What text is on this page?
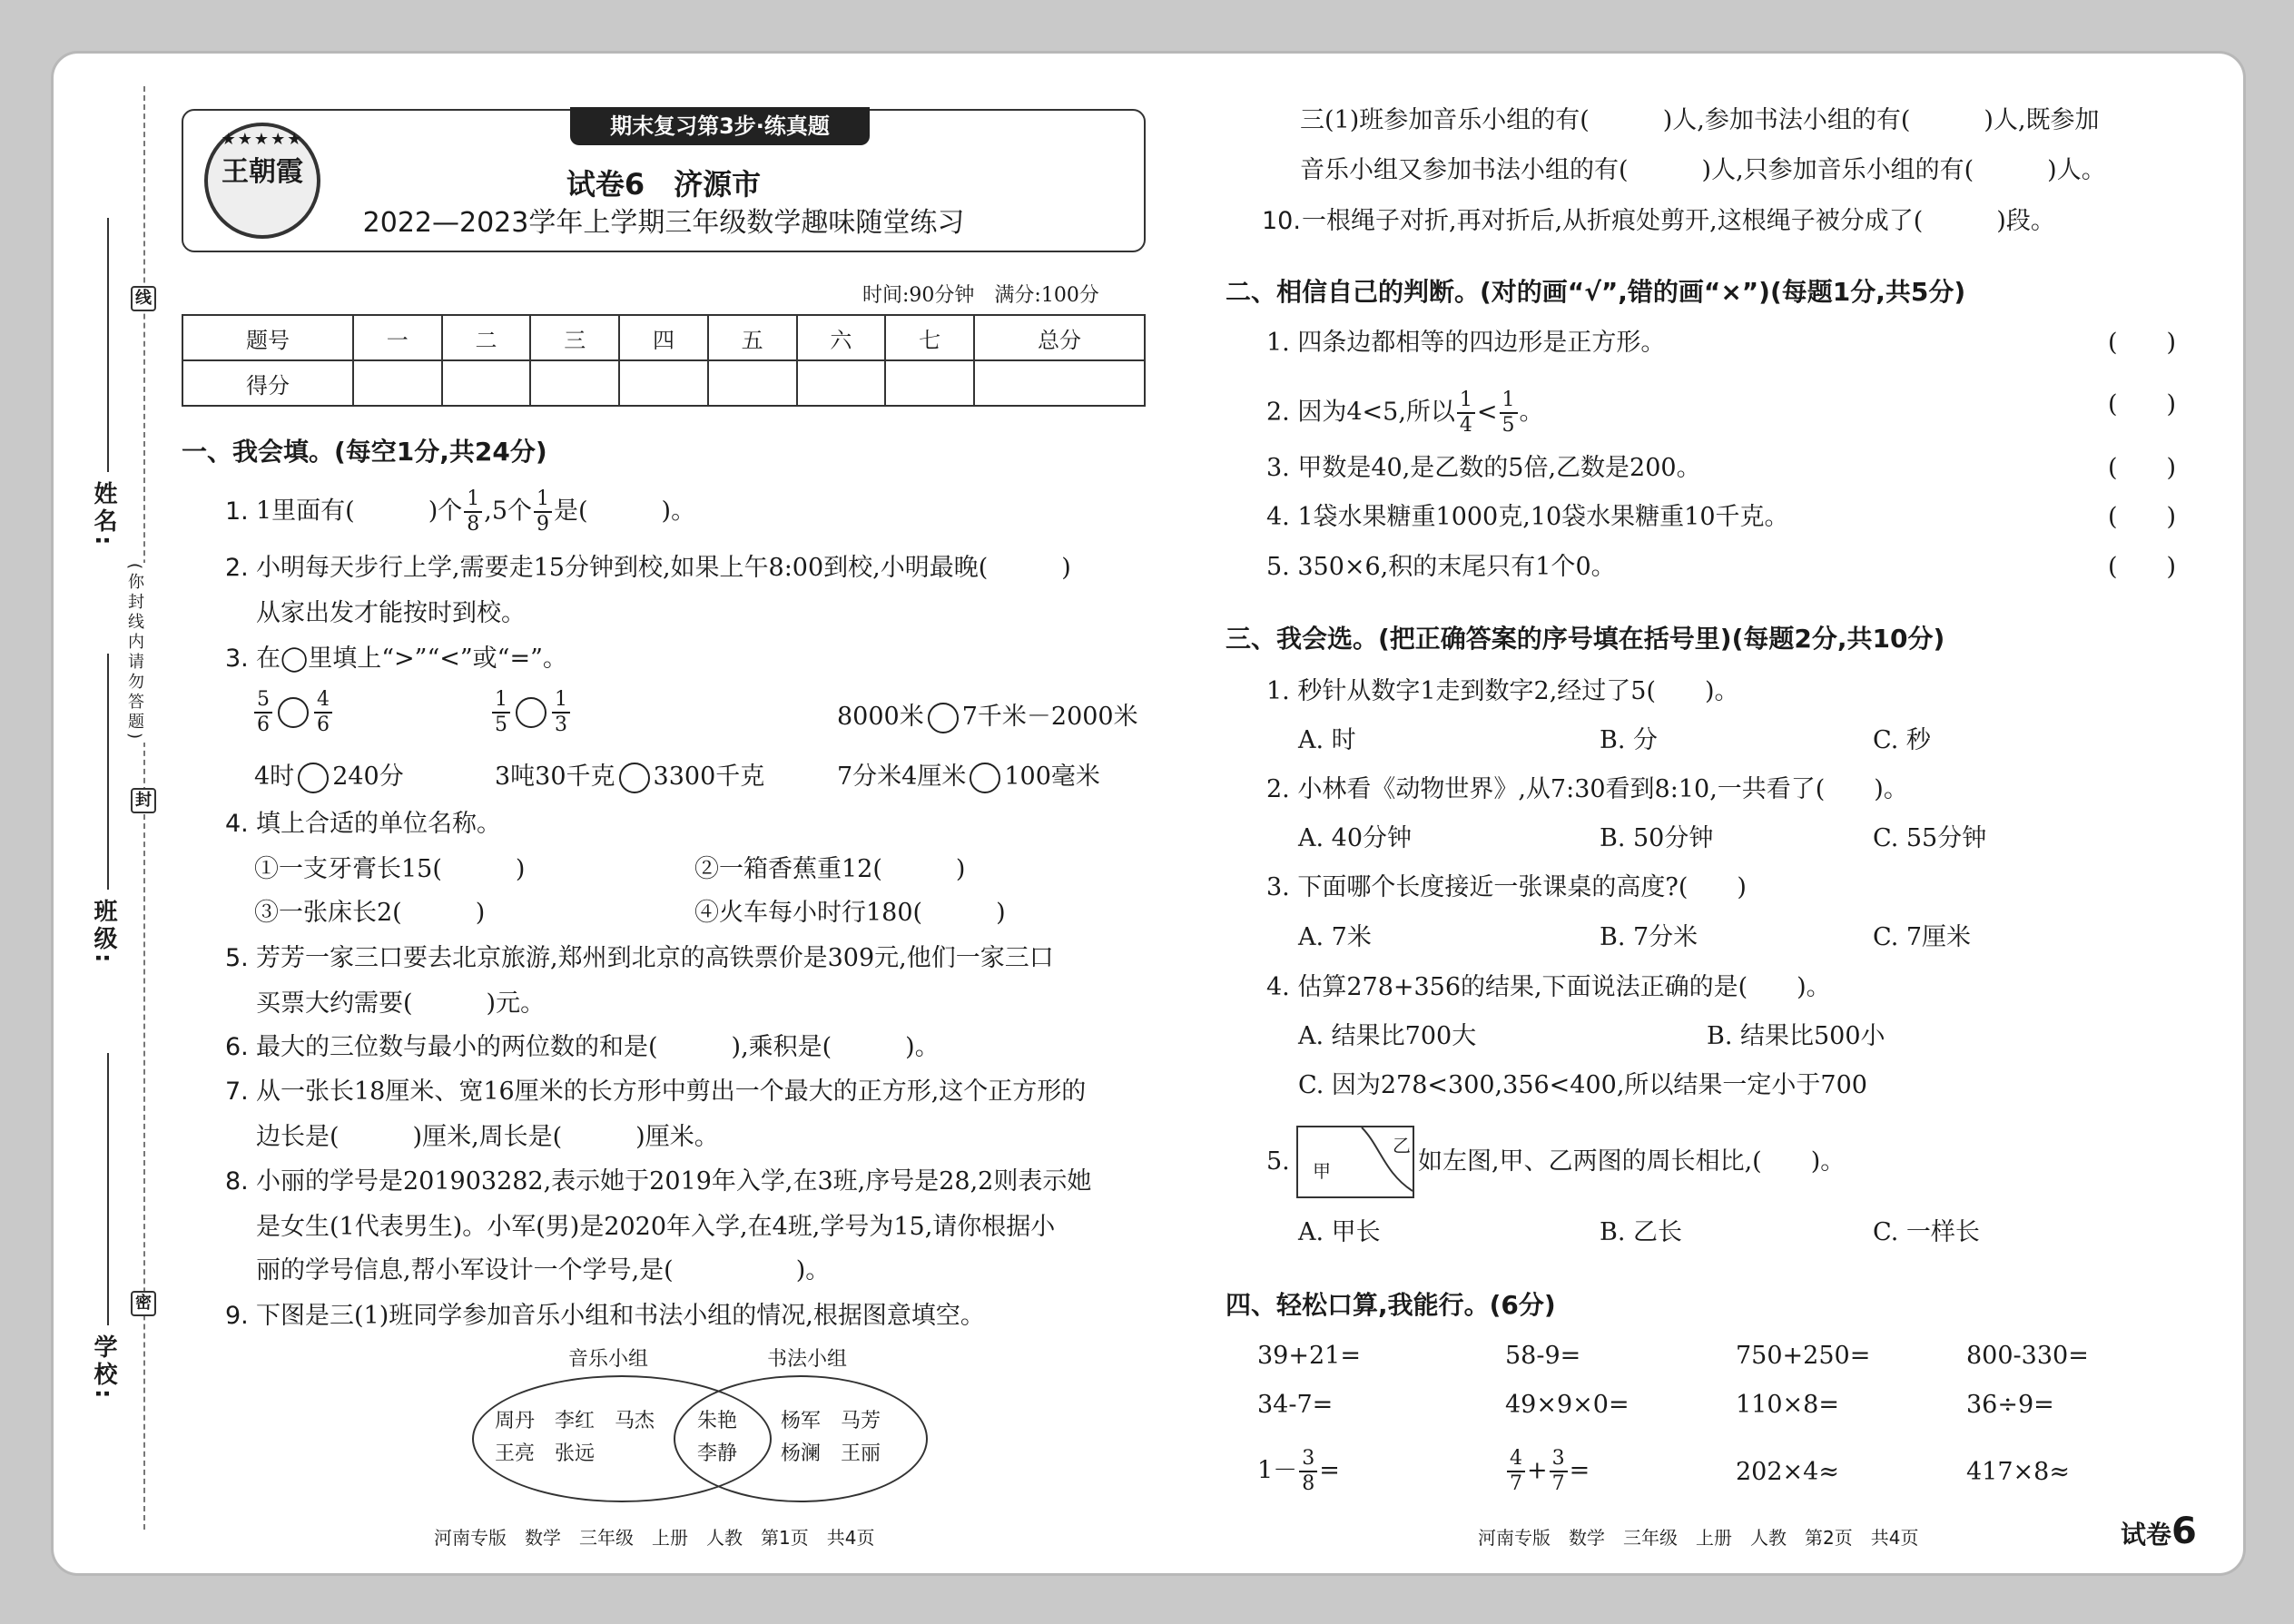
姓名:
班级:
学校:
线
封
密
(你封线内请勿答题)
期末复习第3步·练真题
★★★★★
王朝霞	试卷6　济源市
2022—2023学年上学期三年级数学趣味随堂练习
时间:90分钟　满分:100分
题号	一	二	三	四	五	六	七	总分
得分								
一、我会填。(每空1分,共24分)
1. 1里面有(　　　)个 $\frac{1}{8} ,5$个 $\frac{1}{9}$ 是(　　　)。
2. 小明每天步行上学,需要走15分钟到校,如果上午8:00到校,小明最晚(　　　)
从家出发才能按时到校。
3. 在◯里填上“>”“<”或“=”。
$\frac{5}{6} \frac{4}{6}$	$\frac{1}{5} \frac{1}{3}$	8000米 7千米－2000米
4时 240分	3吨30千克 3300千克	7分米4厘米 100毫米
4. 填上合适的单位名称。
①一支牙膏长15(　　　)	②一箱香蕉重12(　　　)
③一张床长2(　　　)	④火车每小时行180(　　　)
5. 芳芳一家三口要去北京旅游,郑州到北京的高铁票价是309元,他们一家三口
买票大约需要(　　　)元。
6. 最大的三位数与最小的两位数的和是(　　　),乘积是(　　　)。
7. 从一张长18厘米、宽16厘米的长方形中剪出一个最大的正方形,这个正方形的
边长是(　　　)厘米,周长是(　　　)厘米。
8. 小丽的学号是201903282,表示她于2019年入学,在3班,序号是28,2则表示她
是女生(1代表男生)。小军(男)是2020年入学,在4班,学号为15,请你根据小
丽的学号信息,帮小军设计一个学号,是(　　　　　)。
9. 下图是三(1)班同学参加音乐小组和书法小组的情况,根据图意填空。
音乐小组	书法小组
周丹　李红　马杰
王亮　张远
朱艳
李静
杨军　马芳
杨澜　王丽
河南专版　数学　三年级　上册　人教　第1页　共4页
三(1)班参加音乐小组的有(　　　)人,参加书法小组的有(　　　)人,既参加
音乐小组又参加书法小组的有(　　　)人,只参加音乐小组的有(　　　)人。
10.一根绳子对折,再对折后,从折痕处剪开,这根绳子被分成了(　　　)段。
二、相信自己的判断。(对的画“√”,错的画“×”)(每题1分,共5分)
1. 四条边都相等的四边形是正方形。	(　　)
2. 因为4<5,所以 $\frac{1}{4} < \frac{1}{5}$ 。	(　　)
3. 甲数是40,是乙数的5倍,乙数是200。	(　　)
4. 1袋水果糖重1000克,10袋水果糖重10千克。	(　　)
5. 350×6,积的末尾只有1个0。	(　　)
三、我会选。(把正确答案的序号填在括号里)(每题2分,共10分)
1. 秒针从数字1走到数字2,经过了5(　　)。
A. 时	B. 分	C. 秒
2. 小林看《动物世界》,从7:30看到8:10,一共看了(　　)。
A. 40分钟	B. 50分钟	C. 55分钟
3. 下面哪个长度接近一张课桌的高度?(　　)
A. 7米	B. 7分米	C. 7厘米
4. 估算278+356的结果,下面说法正确的是(　　)。
A. 结果比700大	B. 结果比500小
C. 因为278<300,356<400,所以结果一定小于700
5. 甲
乙
如左图,甲、乙两图的周长相比,(　　)。
A. 甲长	B. 乙长	C. 一样长
四、轻松口算,我能行。(6分)
39+21=	58-9=	750+250=	800-330=
34-7=	49×9×0=	110×8=	36÷9=
$1- \frac{3}{8}$ =	$\frac{4}{7} + \frac{3}{7}$ =	202×4≈	417×8≈
河南专版　数学　三年级　上册　人教　第2页　共4页	试卷6
